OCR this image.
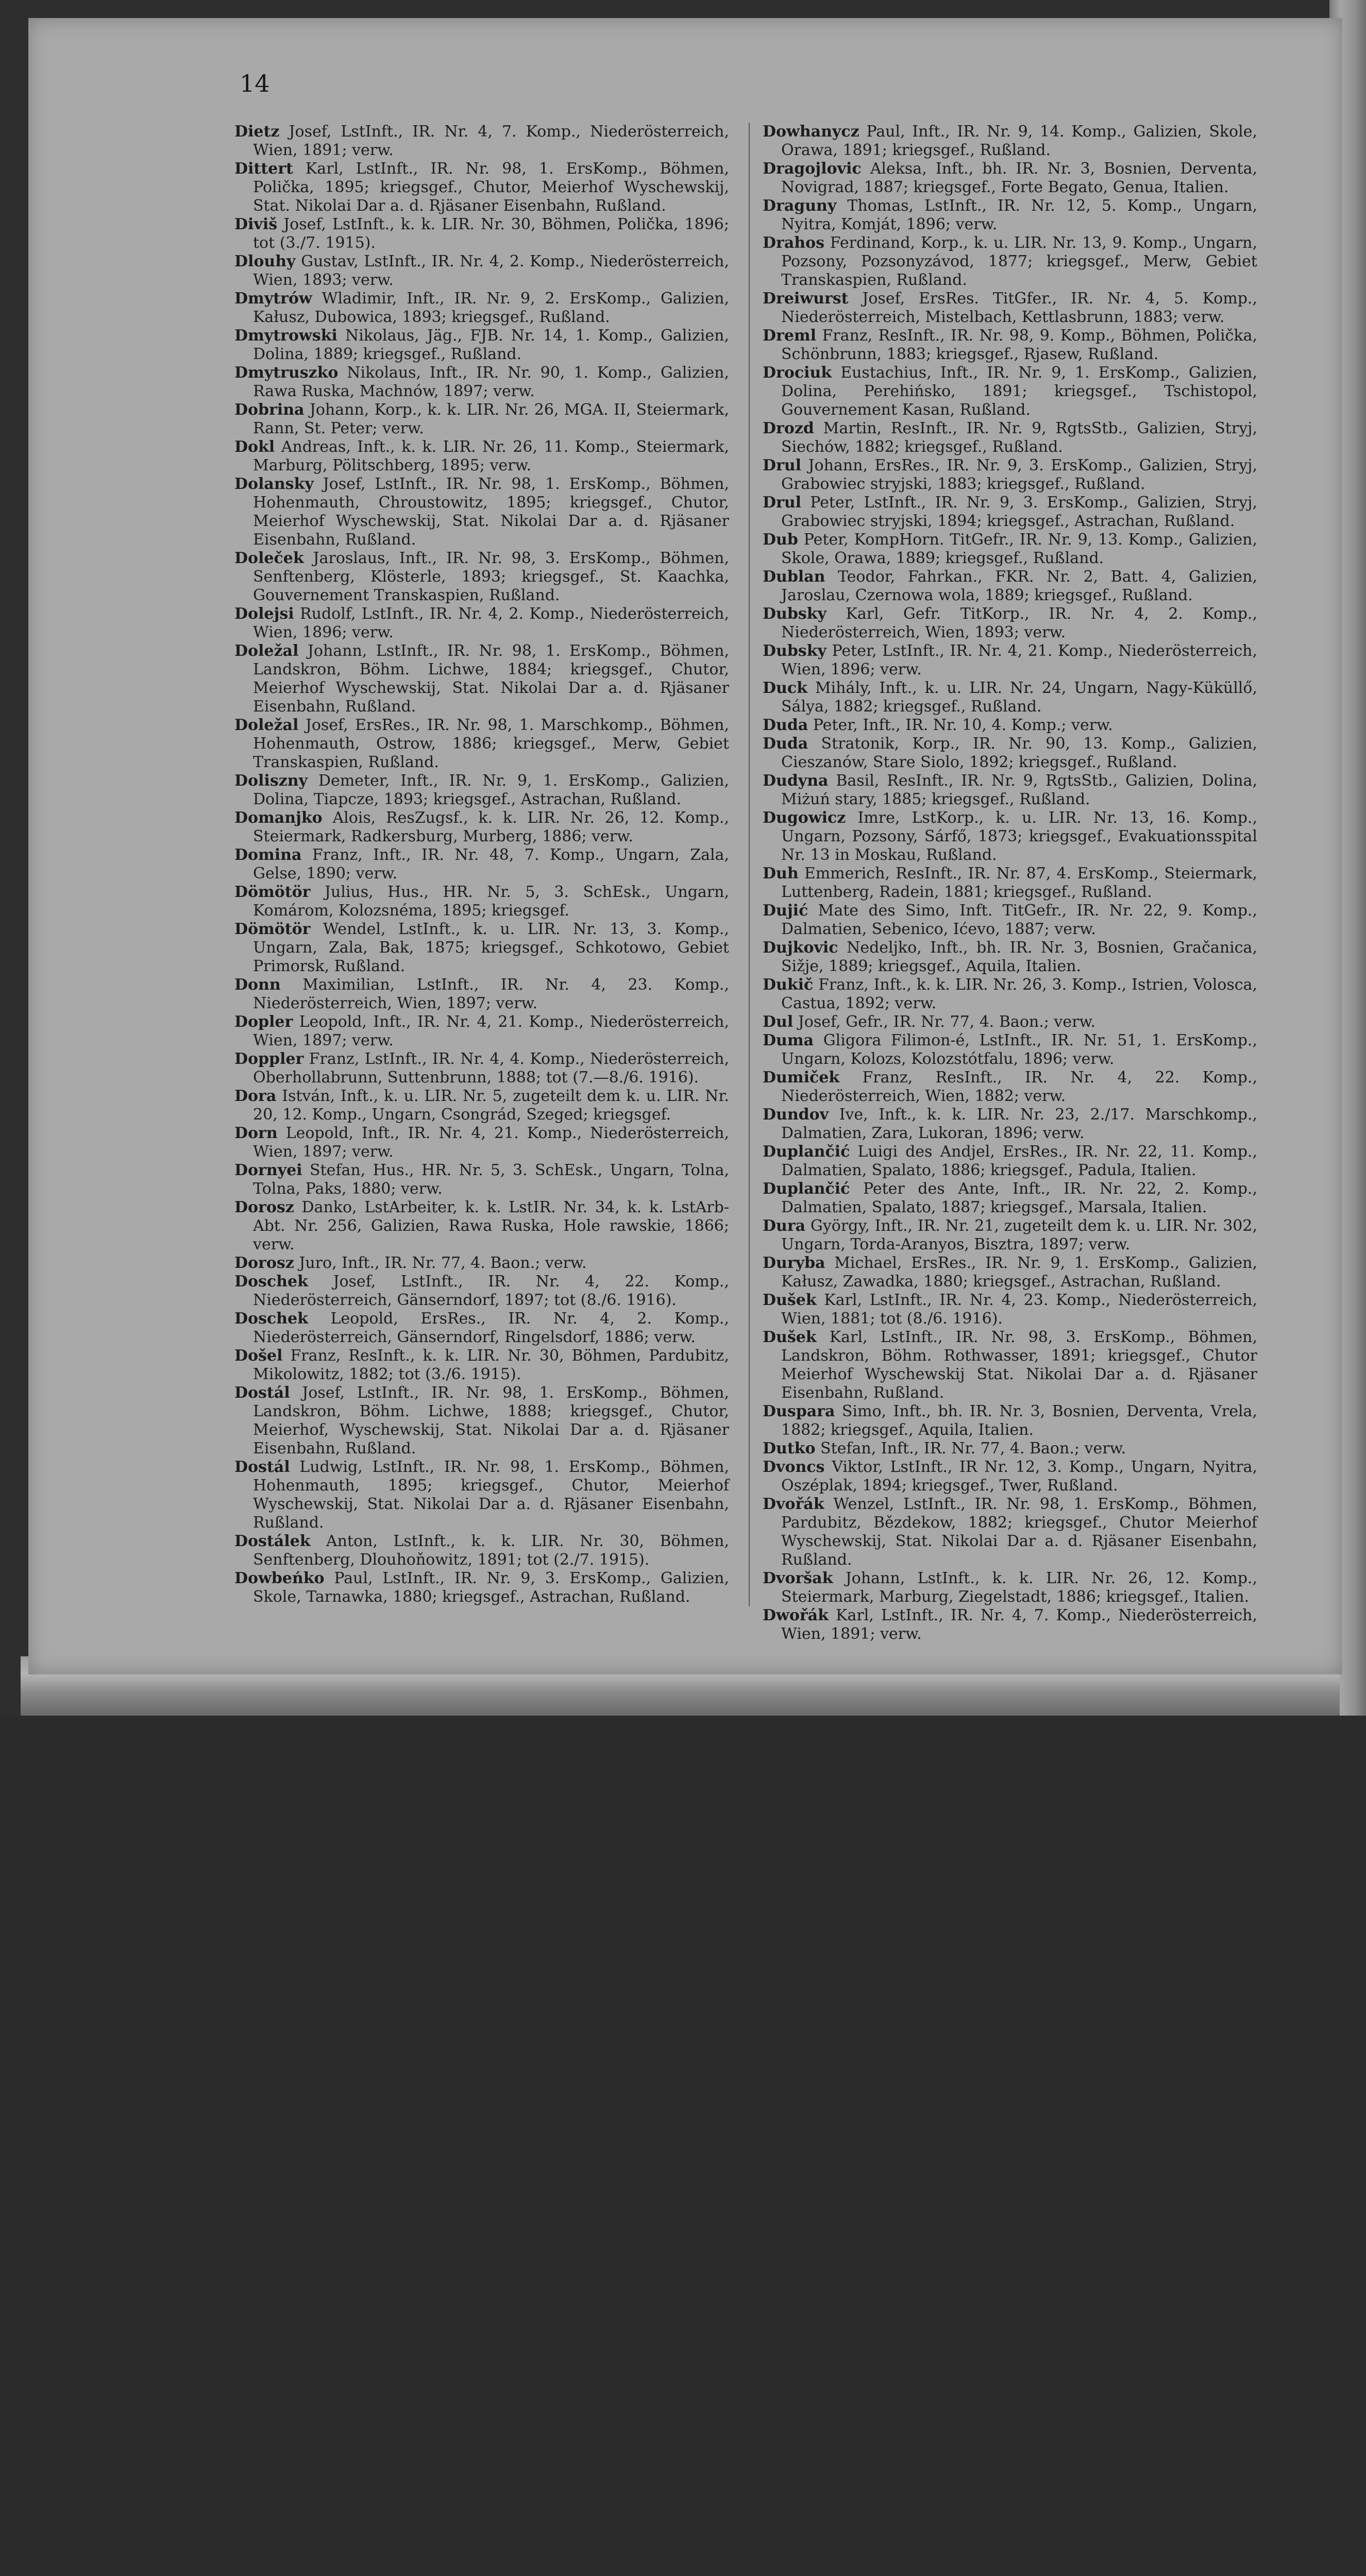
14

Dietz Josef, LstInft., IR. Nr. 4, 7. Komp., Niederösterreich, Wien, 1891; verw.

Dittert Karl, LstInft., IR. Nr. 98, 1. ErsKomp., Böhmen, Polička, 1895; kriegsgef., Chutor, Meierhof Wyschewskij, Stat. Nikolai Dar a. d. Rjäsaner Eisenbahn, Rußland.

Diviš Josef, LstInft., k. k. LIR. Nr. 30, Böhmen, Polička, 1896; tot (3./7. 1915).

Dlouhy Gustav, LstInft., IR. Nr. 4, 2. Komp., Niederösterreich, Wien, 1893; verw.

Dmytrów Wladimir, Inft., IR. Nr. 9, 2. ErsKomp., Galizien, Kałusz, Dubowica, 1893; kriegsgef., Rußland.

Dmytrowski Nikolaus, Jäg., FJB. Nr. 14, 1. Komp., Galizien, Dolina, 1889; kriegsgef., Rußland.

Dmytruszko Nikolaus, Inft., IR. Nr. 90, 1. Komp., Galizien, Rawa Ruska, Machnów, 1897; verw.

Dobrina Johann, Korp., k. k. LIR. Nr. 26, MGA. II, Steiermark, Rann, St. Peter; verw.

Dokl Andreas, Inft., k. k. LIR. Nr. 26, 11. Komp., Steiermark, Marburg, Pölitschberg, 1895; verw.

Dolansky Josef, LstInft., IR. Nr. 98, 1. ErsKomp., Böhmen, Hohenmauth, Chroustowitz, 1895; kriegsgef., Chutor, Meierhof Wyschewskij, Stat. Nikolai Dar a. d. Rjäsaner Eisenbahn, Rußland.

Doleček Jaroslaus, Inft., IR. Nr. 98, 3. ErsKomp., Böhmen, Senftenberg, Klösterle, 1893; kriegsgef., St. Kaachka, Gouvernement Transkaspien, Rußland.

Dolejsi Rudolf, LstInft., IR. Nr. 4, 2. Komp., Niederösterreich, Wien, 1896; verw.

Doležal Johann, LstInft., IR. Nr. 98, 1. ErsKomp., Böhmen, Landskron, Böhm. Lichwe, 1884; kriegsgef., Chutor, Meierhof Wyschewskij, Stat. Nikolai Dar a. d. Rjäsaner Eisenbahn, Rußland.

Doležal Josef, ErsRes., IR. Nr. 98, 1. Marschkomp., Böhmen, Hohenmauth, Ostrow, 1886; kriegsgef., Merw, Gebiet Transkaspien, Rußland.

Doliszny Demeter, Inft., IR. Nr. 9, 1. ErsKomp., Galizien, Dolina, Tiapcze, 1893; kriegsgef., Astrachan, Rußland.

Domanjko Alois, ResZugsf., k. k. LIR. Nr. 26, 12. Komp., Steiermark, Radkersburg, Murberg, 1886; verw.

Domina Franz, Inft., IR. Nr. 48, 7. Komp., Ungarn, Zala, Gelse, 1890; verw.

Dömötör Julius, Hus., HR. Nr. 5, 3. SchEsk., Ungarn, Komárom, Kolozsnéma, 1895; kriegsgef.

Dömötör Wendel, LstInft., k. u. LIR. Nr. 13, 3. Komp., Ungarn, Zala, Bak, 1875; kriegsgef., Schkotowo, Gebiet Primorsk, Rußland.

Donn Maximilian, LstInft., IR. Nr. 4, 23. Komp., Niederösterreich, Wien, 1897; verw.

Dopler Leopold, Inft., IR. Nr. 4, 21. Komp., Niederösterreich, Wien, 1897; verw.

Doppler Franz, LstInft., IR. Nr. 4, 4. Komp., Niederösterreich, Oberhollabrunn, Suttenbrunn, 1888; tot (7.—8./6. 1916).

Dora István, Inft., k. u. LIR. Nr. 5, zugeteilt dem k. u. LIR. Nr. 20, 12. Komp., Ungarn, Csongrád, Szeged; kriegsgef.

Dorn Leopold, Inft., IR. Nr. 4, 21. Komp., Niederösterreich, Wien, 1897; verw.

Dornyei Stefan, Hus., HR. Nr. 5, 3. SchEsk., Ungarn, Tolna, Tolna, Paks, 1880; verw.

Dorosz Danko, LstArbeiter, k. k. LstIR. Nr. 34, k. k. LstArb-Abt. Nr. 256, Galizien, Rawa Ruska, Hole rawskie, 1866; verw.

Dorosz Juro, Inft., IR. Nr. 77, 4. Baon.; verw.

Doschek Josef, LstInft., IR. Nr. 4, 22. Komp., Niederösterreich, Gänserndorf, 1897; tot (8./6. 1916).

Doschek Leopold, ErsRes., IR. Nr. 4, 2. Komp., Niederösterreich, Gänserndorf, Ringelsdorf, 1886; verw.

Došel Franz, ResInft., k. k. LIR. Nr. 30, Böhmen, Pardubitz, Mikolowitz, 1882; tot (3./6. 1915).

Dostál Josef, LstInft., IR. Nr. 98, 1. ErsKomp., Böhmen, Landskron, Böhm. Lichwe, 1888; kriegsgef., Chutor, Meierhof, Wyschewskij, Stat. Nikolai Dar a. d. Rjäsaner Eisenbahn, Rußland.

Dostál Ludwig, LstInft., IR. Nr. 98, 1. ErsKomp., Böhmen, Hohenmauth, 1895; kriegsgef., Chutor, Meierhof Wyschewskij, Stat. Nikolai Dar a. d. Rjäsaner Eisenbahn, Rußland.

Dostálek Anton, LstInft., k. k. LIR. Nr. 30, Böhmen, Senftenberg, Dlouhoňowitz, 1891; tot (2./7. 1915).

Dowbeńko Paul, LstInft., IR. Nr. 9, 3. ErsKomp., Galizien, Skole, Tarnawka, 1880; kriegsgef., Astrachan, Rußland.

Dowhanycz Paul, Inft., IR. Nr. 9, 14. Komp., Galizien, Skole, Orawa, 1891; kriegsgef., Rußland.

Dragojlovic Aleksa, Inft., bh. IR. Nr. 3, Bosnien, Derventa, Novigrad, 1887; kriegsgef., Forte Begato, Genua, Italien.

Draguny Thomas, LstInft., IR. Nr. 12, 5. Komp., Ungarn, Nyitra, Komját, 1896; verw.

Drahos Ferdinand, Korp., k. u. LIR. Nr. 13, 9. Komp., Ungarn, Pozsony, Pozsonyzávod, 1877; kriegsgef., Merw, Gebiet Transkaspien, Rußland.

Dreiwurst Josef, ErsRes. TitGfer., IR. Nr. 4, 5. Komp., Niederösterreich, Mistelbach, Kettlasbrunn, 1883; verw.

Dreml Franz, ResInft., IR. Nr. 98, 9. Komp., Böhmen, Polička, Schönbrunn, 1883; kriegsgef., Rjasew, Rußland.

Drociuk Eustachius, Inft., IR. Nr. 9, 1. ErsKomp., Galizien, Dolina, Perehińsko, 1891; kriegsgef., Tschistopol, Gouvernement Kasan, Rußland.

Drozd Martin, ResInft., IR. Nr. 9, RgtsStb., Galizien, Stryj, Siechów, 1882; kriegsgef., Rußland.

Drul Johann, ErsRes., IR. Nr. 9, 3. ErsKomp., Galizien, Stryj, Grabowiec stryjski, 1883; kriegsgef., Rußland.

Drul Peter, LstInft., IR. Nr. 9, 3. ErsKomp., Galizien, Stryj, Grabowiec stryjski, 1894; kriegsgef., Astrachan, Rußland.

Dub Peter, KompHorn. TitGefr., IR. Nr. 9, 13. Komp., Galizien, Skole, Orawa, 1889; kriegsgef., Rußland.

Dublan Teodor, Fahrkan., FKR. Nr. 2, Batt. 4, Galizien, Jaroslau, Czernowa wola, 1889; kriegsgef., Rußland.

Dubsky Karl, Gefr. TitKorp., IR. Nr. 4, 2. Komp., Niederösterreich, Wien, 1893; verw.

Dubsky Peter, LstInft., IR. Nr. 4, 21. Komp., Niederösterreich, Wien, 1896; verw.

Duck Mihály, Inft., k. u. LIR. Nr. 24, Ungarn, Nagy-Küküllő, Sályа, 1882; kriegsgef., Rußland.

Duda Peter, Inft., IR. Nr. 10, 4. Komp.; verw.

Duda Stratonik, Korp., IR. Nr. 90, 13. Komp., Galizien, Cieszanów, Stare Siolo, 1892; kriegsgef., Rußland.

Dudyna Basil, ResInft., IR. Nr. 9, RgtsStb., Galizien, Dolina, Miżuń stary, 1885; kriegsgef., Rußland.

Dugowicz Imre, LstKorp., k. u. LIR. Nr. 13, 16. Komp., Ungarn, Pozsony, Sárfő, 1873; kriegsgef., Evakuationsspital Nr. 13 in Moskau, Rußland.

Duh Emmerich, ResInft., IR. Nr. 87, 4. ErsKomp., Steiermark, Luttenberg, Radein, 1881; kriegsgef., Rußland.

Dujić Mate des Simo, Inft. TitGefr., IR. Nr. 22, 9. Komp., Dalmatien, Sebenico, Ićevo, 1887; verw.

Dujkovic Nedeljko, Inft., bh. IR. Nr. 3, Bosnien, Gračanica, Sižje, 1889; kriegsgef., Aquila, Italien.

Dukič Franz, Inft., k. k. LIR. Nr. 26, 3. Komp., Istrien, Volosca, Castua, 1892; verw.

Dul Josef, Gefr., IR. Nr. 77, 4. Baon.; verw.

Duma Gligora Filimon-é, LstInft., IR. Nr. 51, 1. ErsKomp., Ungarn, Kolozs, Kolozstótfalu, 1896; verw.

Dumiček Franz, ResInft., IR. Nr. 4, 22. Komp., Niederösterreich, Wien, 1882; verw.

Dundov Ive, Inft., k. k. LIR. Nr. 23, 2./17. Marschkomp., Dalmatien, Zara, Lukoran, 1896; verw.

Duplančić Luigi des Andjel, ErsRes., IR. Nr. 22, 11. Komp., Dalmatien, Spalato, 1886; kriegsgef., Padula, Italien.

Duplančić Peter des Ante, Inft., IR. Nr. 22, 2. Komp., Dalmatien, Spalato, 1887; kriegsgef., Marsala, Italien.

Dura György, Inft., IR. Nr. 21, zugeteilt dem k. u. LIR. Nr. 302, Ungarn, Torda-Aranyos, Bisztra, 1897; verw.

Duryba Michael, ErsRes., IR. Nr. 9, 1. ErsKomp., Galizien, Kałusz, Zawadka, 1880; kriegsgef., Astrachan, Rußland.

Dušek Karl, LstInft., IR. Nr. 4, 23. Komp., Niederösterreich, Wien, 1881; tot (8./6. 1916).

Dušek Karl, LstInft., IR. Nr. 98, 3. ErsKomp., Böhmen, Landskron, Böhm. Rothwasser, 1891; kriegsgef., Chutor Meierhof Wyschewskij Stat. Nikolai Dar a. d. Rjäsaner Eisenbahn, Rußland.

Duspara Simo, Inft., bh. IR. Nr. 3, Bosnien, Derventa, Vrela, 1882; kriegsgef., Aquila, Italien.

Dutko Stefan, Inft., IR. Nr. 77, 4. Baon.; verw.

Dvoncs Viktor, LstInft., IR Nr. 12, 3. Komp., Ungarn, Nyitra, Oszéplak, 1894; kriegsgef., Twer, Rußland.

Dvořák Wenzel, LstInft., IR. Nr. 98, 1. ErsKomp., Böhmen, Pardubitz, Bězdekow, 1882; kriegsgef., Chutor Meierhof Wyschewskij, Stat. Nikolai Dar a. d. Rjäsaner Eisenbahn, Rußland.

Dvoršak Johann, LstInft., k. k. LIR. Nr. 26, 12. Komp., Steiermark, Marburg, Ziegelstadt, 1886; kriegsgef., Italien.

Dwořák Karl, LstInft., IR. Nr. 4, 7. Komp., Niederösterreich, Wien, 1891; verw.
